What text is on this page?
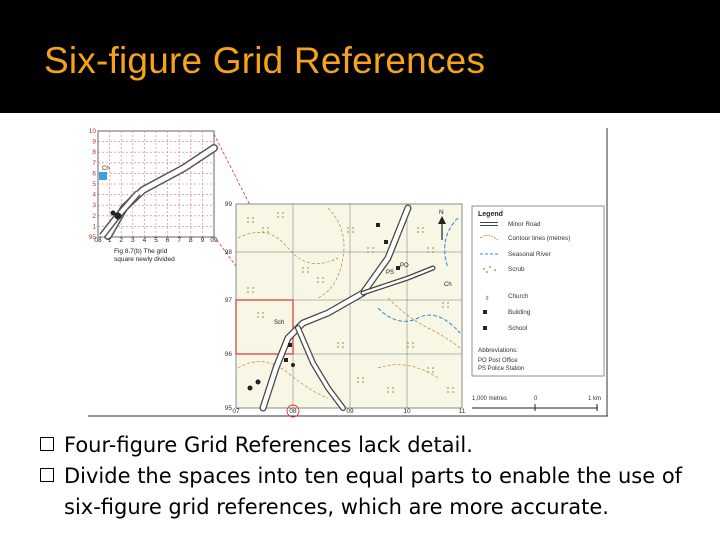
Six-figure Grid References
Ch
10
9
8
7
6
5
4
3
2
1
95
08 1 2 3 4 5 6 7 8 9 09
Fig 8.7(b) The grid
square newly divided
PO
PS
Sch
Ch
N
99
98
97
96
95 07	08	09	10	11
Legend
♁
Minor Road
Contour lines (metres)
Seasonal River
Scrub
Church
Building
School
Abbreviations:
PO Post Office
PS Police Station
1,000 metres	0	1 km
Four-figure Grid References lack detail.
Divide the spaces into ten equal parts to enable the use of
six-figure grid references, which are more accurate.
